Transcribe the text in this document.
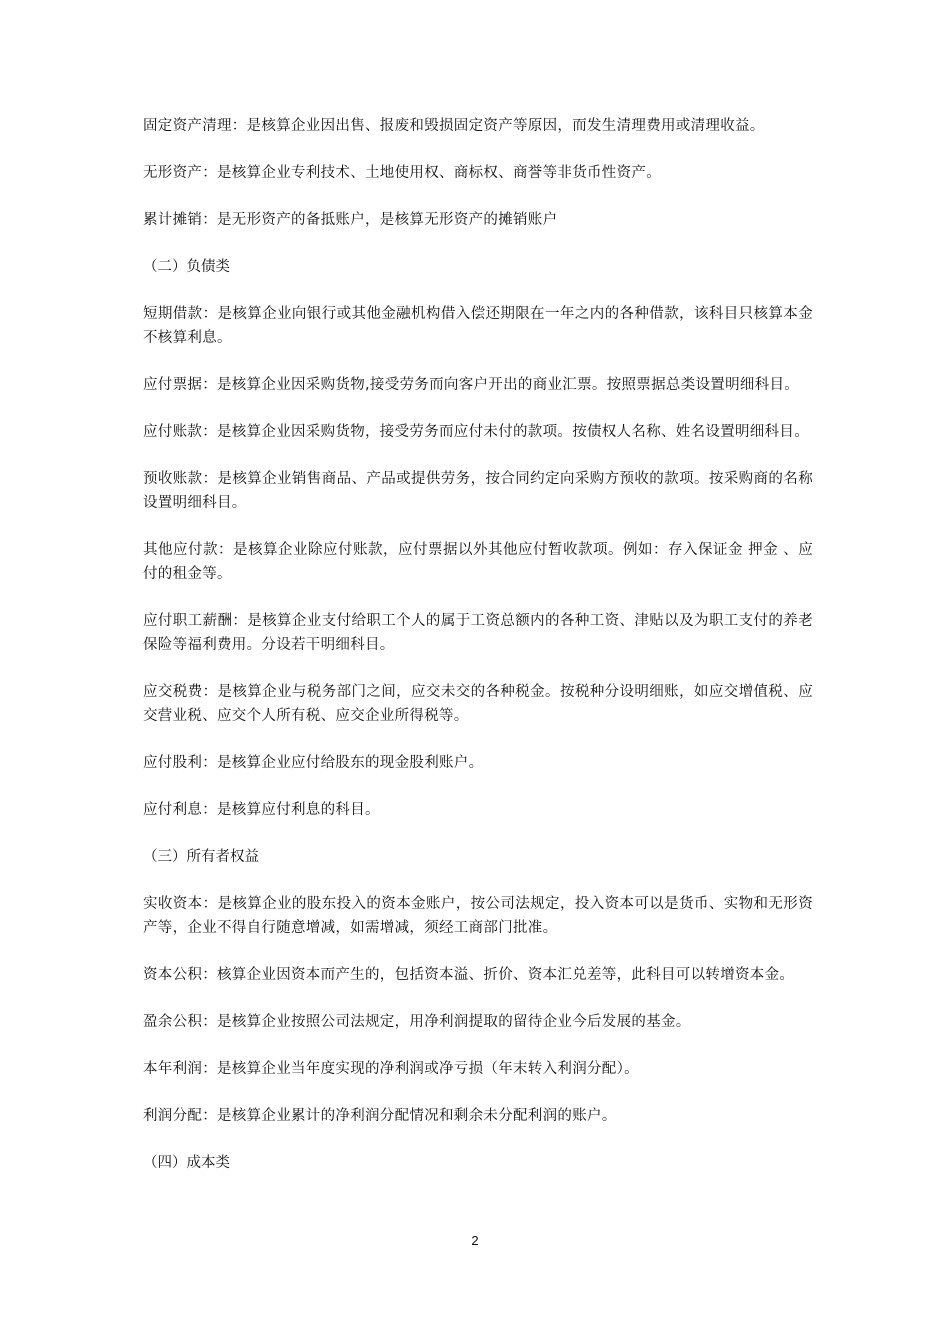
固定资产清理：是核算企业因出售、报废和毁损固定资产等原因，而发生清理费用或清理收益。

无形资产：是核算企业专利技术、土地使用权、商标权、商誉等非货币性资产。

累计摊销：是无形资产的备抵账户，是核算无形资产的摊销账户

（二）负债类

短期借款：是核算企业向银行或其他金融机构借入偿还期限在一年之内的各种借款，该科目只核算本金不核算利息。

应付票据：是核算企业因采购货物,接受劳务而向客户开出的商业汇票。按照票据总类设置明细科目。

应付账款：是核算企业因采购货物，接受劳务而应付未付的款项。按债权人名称、姓名设置明细科目。

预收账款：是核算企业销售商品、产品或提供劳务，按合同约定向采购方预收的款项。按采购商的名称设置明细科目。

其他应付款：是核算企业除应付账款，应付票据以外其他应付暂收款项。例如：存入保证金 押金 、应付的租金等。

应付职工薪酬：是核算企业支付给职工个人的属于工资总额内的各种工资、津贴以及为职工支付的养老保险等福利费用。分设若干明细科目。

应交税费：是核算企业与税务部门之间，应交未交的各种税金。按税种分设明细账，如应交增值税、应交营业税、应交个人所有税、应交企业所得税等。

应付股利：是核算企业应付给股东的现金股利账户。

应付利息：是核算应付利息的科目。

（三）所有者权益

实收资本：是核算企业的股东投入的资本金账户，按公司法规定，投入资本可以是货币、实物和无形资产等，企业不得自行随意增减，如需增减，须经工商部门批准。

资本公积：核算企业因资本而产生的，包括资本溢、折价、资本汇兑差等，此科目可以转增资本金。

盈余公积：是核算企业按照公司法规定，用净利润提取的留待企业今后发展的基金。

本年利润：是核算企业当年度实现的净利润或净亏损（年末转入利润分配）。

利润分配：是核算企业累计的净利润分配情况和剩余未分配利润的账户。

（四）成本类

2
